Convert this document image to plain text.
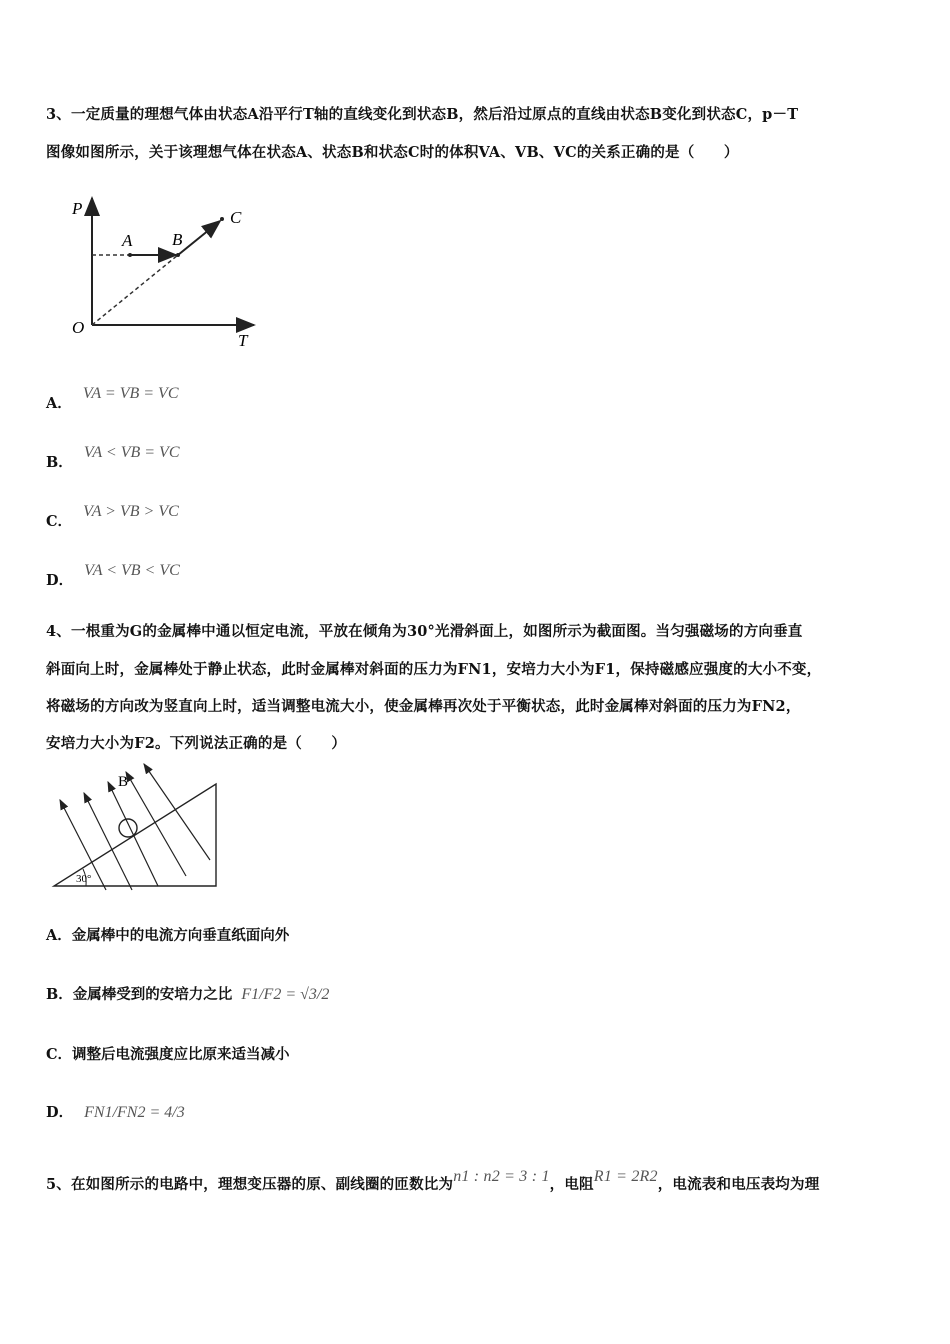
3、一定质量的理想气体由状态A沿平行T轴的直线变化到状态B，然后沿过原点的直线由状态B变化到状态C，p－T
图像如图所示，关于该理想气体在状态A、状态B和状态C时的体积VA、VB、VC的关系正确的是（　　）
P
T
O
A B
C
A． VA = VB = VC
B． VA < VB = VC
C． VA > VB > VC
D． VA < VB < VC
4、一根重为G的金属棒中通以恒定电流，平放在倾角为30°光滑斜面上，如图所示为截面图。当匀强磁场的方向垂直
斜面向上时，金属棒处于静止状态，此时金属棒对斜面的压力为FN1，安培力大小为F1，保持磁感应强度的大小不变，
将磁场的方向改为竖直向上时，适当调整电流大小，使金属棒再次处于平衡状态，此时金属棒对斜面的压力为FN2，
安培力大小为F2。下列说法正确的是（　　）
B
30°
A．金属棒中的电流方向垂直纸面向外
B．金属棒受到的安培力之比 F1/F2 = √3/2
C．调整后电流强度应比原来适当减小
D． FN1/FN2 = 4/3
5、在如图所示的电路中，理想变压器的原、副线圈的匝数比为n1 : n2 = 3 : 1，电阻R1 = 2R2，电流表和电压表均为理
